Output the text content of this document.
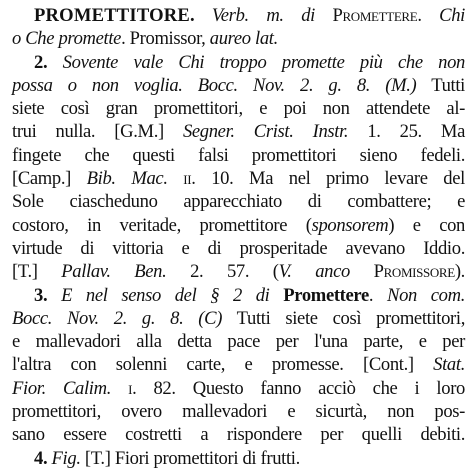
PROMETTITORE. Verb. m. di Promettere. Chi
o Che promette. Promissor, aureo lat.
2. Sovente vale Chi troppo promette più che non
possa o non voglia. Bocc. Nov. 2. g. 8. (M.) Tutti
siete così gran promettitori, e poi non attendete al-
trui nulla. [G.M.] Segner. Crist. Instr. 1. 25. Ma
fingete che questi falsi promettitori sieno fedeli.
[Camp.] Bib. Mac. ii. 10. Ma nel primo levare del
Sole ciascheduno apparecchiato di combattere; e
costoro, in veritade, promettitore (sponsorem) e con
virtude di vittoria e di prosperitade avevano Iddio.
[T.] Pallav. Ben. 2. 57. (V. anco Promissore).
3. E nel senso del § 2 di Promettere. Non com.
Bocc. Nov. 2. g. 8. (C) Tutti siete così promettitori,
e mallevadori alla detta pace per l'una parte, e per
l'altra con solenni carte, e promesse. [Cont.] Stat.
Fior. Calim. i. 82. Questo fanno acciò che i loro
promettitori, overo mallevadori e sicurtà, non pos-
sano essere costretti a rispondere per quelli debiti.
4. Fig. [T.] Fiori promettitori di frutti.
